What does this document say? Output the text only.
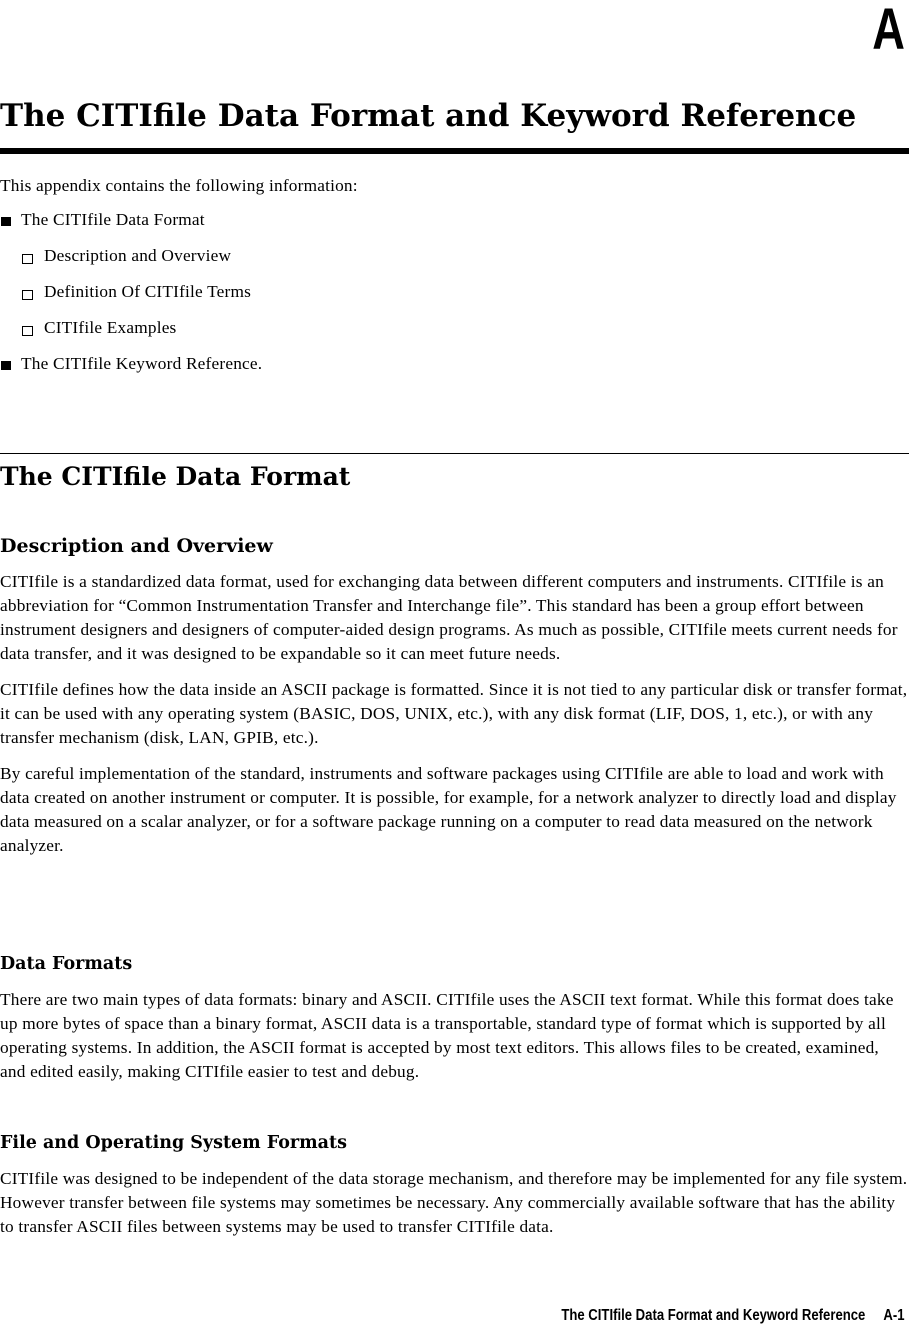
A
The CITIfile Data Format and Keyword Reference

This appendix contains the following information:

The CITIfile Data Format
Description and Overview
Definition Of CITIfile Terms
CITIfile Examples
The CITIfile Keyword Reference.
The CITIfile Data Format
Description and Overview

CITIfile is a standardized data format, used for exchanging data between different computers and instruments. CITIfile is an abbreviation for “Common Instrumentation Transfer and Interchange file”. This standard has been a group effort between instrument designers and designers of computer-aided design programs. As much as possible, CITIfile meets current needs for data transfer, and it was designed to be expandable so it can meet future needs.

CITIfile defines how the data inside an ASCII package is formatted. Since it is not tied to any particular disk or transfer format, it can be used with any operating system (BASIC, DOS, UNIX, etc.), with any disk format (LIF, DOS, 1, etc.), or with any transfer mechanism (disk, LAN, GPIB, etc.).

By careful implementation of the standard, instruments and software packages using CITIfile are able to load and work with data created on another instrument or computer. It is possible, for example, for a network analyzer to directly load and display data measured on a scalar analyzer, or for a software package running on a computer to read data measured on the network analyzer.

Data Formats

There are two main types of data formats: binary and ASCII. CITIfile uses the ASCII text format. While this format does take up more bytes of space than a binary format, ASCII data is a transportable, standard type of format which is supported by all operating systems. In addition, the ASCII format is accepted by most text editors. This allows files to be created, examined, and edited easily, making CITIfile easier to test and debug.

File and Operating System Formats

CITIfile was designed to be independent of the data storage mechanism, and therefore may be implemented for any file system. However transfer between file systems may sometimes be necessary. Any commercially available software that has the ability to transfer ASCII files between systems may be used to transfer CITIfile data.

The CITIfile Data Format and Keyword Reference A-1
